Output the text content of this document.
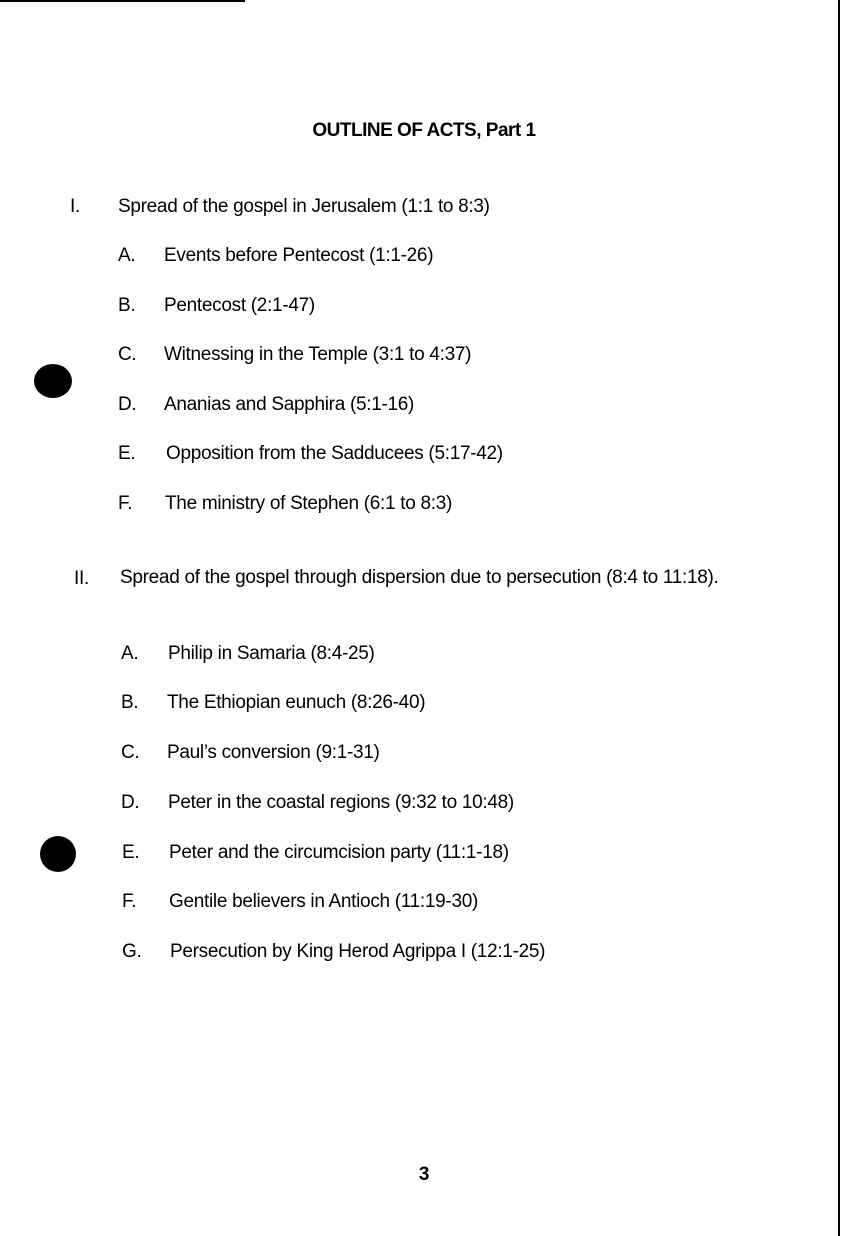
OUTLINE OF ACTS, Part 1
I. Spread of the gospel in Jerusalem (1:1 to 8:3)
A. Events before Pentecost (1:1-26)
B. Pentecost (2:1-47)
C. Witnessing in the Temple (3:1 to 4:37)
D. Ananias and Sapphira (5:1-16)
E. Opposition from the Sadducees (5:17-42)
F. The ministry of Stephen (6:1 to 8:3)
II. Spread of the gospel through dispersion due to persecution (8:4 to 11:18).
A. Philip in Samaria (8:4-25)
B. The Ethiopian eunuch (8:26-40)
C. Paul’s conversion (9:1-31)
D. Peter in the coastal regions (9:32 to 10:48)
E. Peter and the circumcision party (11:1-18)
F. Gentile believers in Antioch (11:19-30)
G. Persecution by King Herod Agrippa I (12:1-25)
3
